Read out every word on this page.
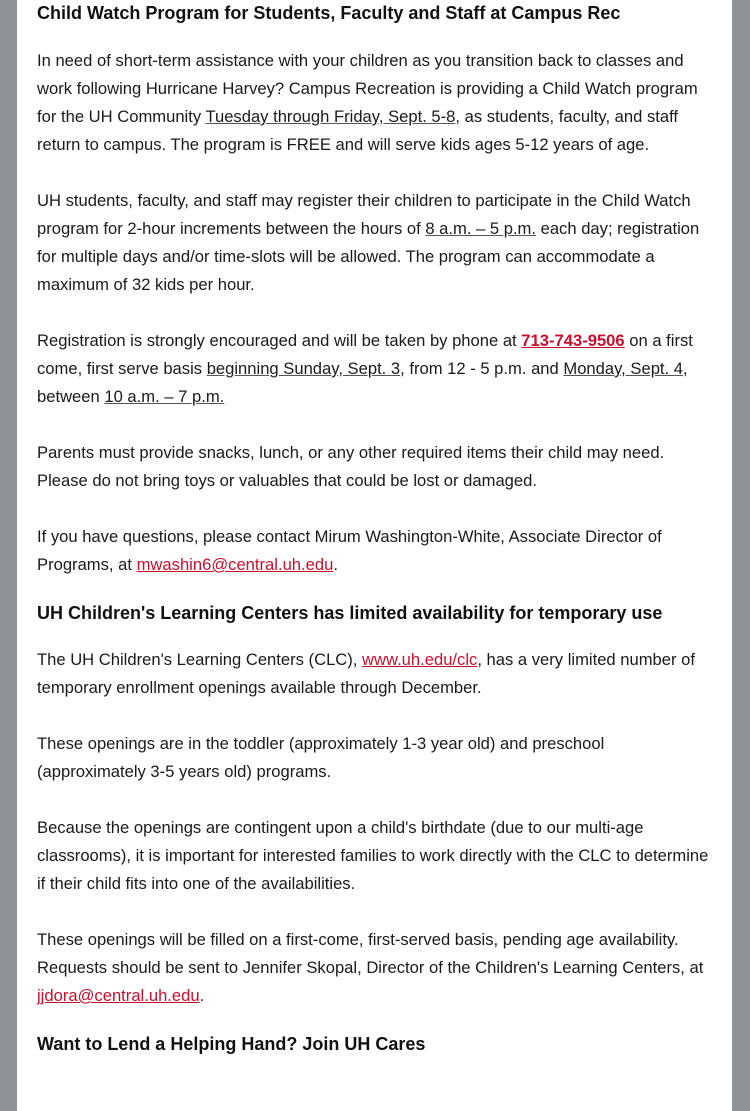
Child Watch Program for Students, Faculty and Staff at Campus Rec

In need of short-term assistance with your children as you transition back to classes and work following Hurricane Harvey? Campus Recreation is providing a Child Watch program for the UH Community Tuesday through Friday, Sept. 5-8, as students, faculty, and staff return to campus. The program is FREE and will serve kids ages 5-12 years of age.

UH students, faculty, and staff may register their children to participate in the Child Watch program for 2-hour increments between the hours of 8 a.m. – 5 p.m. each day; registration for multiple days and/or time-slots will be allowed. The program can accommodate a maximum of 32 kids per hour.

Registration is strongly encouraged and will be taken by phone at 713-743-9506 on a first come, first serve basis beginning Sunday, Sept. 3, from 12 - 5 p.m. and Monday, Sept. 4, between 10 a.m. – 7 p.m.

Parents must provide snacks, lunch, or any other required items their child may need. Please do not bring toys or valuables that could be lost or damaged.

If you have questions, please contact Mirum Washington-White, Associate Director of Programs, at mwashin6@central.uh.edu.

UH Children's Learning Centers has limited availability for temporary use

The UH Children's Learning Centers (CLC), www.uh.edu/clc, has a very limited number of temporary enrollment openings available through December.

These openings are in the toddler (approximately 1-3 year old) and preschool (approximately 3-5 years old) programs.

Because the openings are contingent upon a child's birthdate (due to our multi-age classrooms), it is important for interested families to work directly with the CLC to determine if their child fits into one of the availabilities.

These openings will be filled on a first-come, first-served basis, pending age availability.
Requests should be sent to Jennifer Skopal, Director of the Children's Learning Centers, at jjdora@central.uh.edu.

Want to Lend a Helping Hand? Join UH Cares
